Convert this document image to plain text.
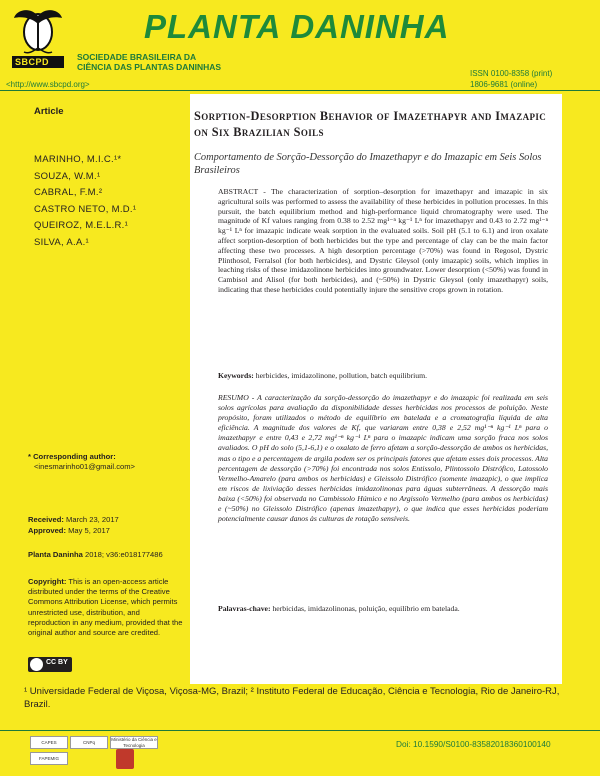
SBCPD
PLANTA DANINHA
SOCIEDADE BRASILEIRA DA
CIÊNCIA DAS PLANTAS DANINHAS
<http://www.sbcpd.org>
ISSN 0100-8358 (print)
1806-9681 (online)
Article
MARINHO, M.I.C.¹*
SOUZA, W.M.¹
CABRAL, F.M.²
CASTRO NETO, M.D.¹
QUEIROZ, M.E.L.R.¹
SILVA, A.A.¹
* Corresponding author:
<inesmarinho01@gmail.com>
Received: March 23, 2017
Approved: May 5, 2017
Planta Daninha 2018; v36:e018177486
Copyright: This is an open-access article distributed under the terms of the Creative Commons Attribution License, which permits unrestricted use, distribution, and reproduction in any medium, provided that the original author and source are credited.
CC BY
Sorption-Desorption Behavior of Imazethapyr and Imazapic on Six Brazilian Soils
Comportamento de Sorção-Dessorção do Imazethapyr e do Imazapic em Seis Solos Brasileiros
ABSTRACT - The characterization of sorption–desorption for imazethapyr and imazapic in six agricultural soils was performed to assess the availability of these herbicides in pollution processes. In this pursuit, the batch equilibrium method and high-performance liquid chromatography were used. The magnitude of Kf values ranging from 0.38 to 2.52 mg¹⁻ⁿ kg⁻¹ Lⁿ for imazethapyr and 0.43 to 2.72 mg¹⁻ⁿ kg⁻¹ Lⁿ for imazapic indicate weak sorption in the evaluated soils. Soil pH (5.1 to 6.1) and iron oxalate affect sorption-desorption of both herbicides but the type and percentage of clay can be the main factor affecting these two processes. A high desorption percentage (>70%) was found in Regosol, Dystric Plinthosol, Ferralsol (for both herbicides), and Dystric Gleysol (only imazapic) soils, which implies in leaching risks of these imidazolinone herbicides into groundwater. Lower desorption (<50%) was found in Cambisol and Alisol (for both herbicides), and (~50%) in Dystric Gleysol (only imazethapyr) soils, indicating that these herbicides could potentially injure the sensitive crops grown in rotation.
Keywords: herbicides, imidazolinone, pollution, batch equilibrium.
RESUMO - A caracterização da sorção-dessorção do imazethapyr e do imazapic foi realizada em seis solos agrícolas para avaliação da disponibilidade desses herbicidas nos processos de poluição. Neste propósito, foram utilizados o método de equilíbrio em batelada e a cromatografia líquida de alta eficiência. A magnitude dos valores de Kf, que variaram entre 0,38 e 2,52 mg¹⁻ⁿ kg⁻¹ Lⁿ para o imazethapyr e entre 0,43 e 2,72 mg¹⁻ⁿ kg⁻¹ Lⁿ para o imazapic indicam uma sorção fraca nos solos avaliados. O pH do solo (5,1-6,1) e o oxalato de ferro afetam a sorção-dessorção de ambos os herbicidas, mas o tipo e a percentagem de argila podem ser os principais fatores que afetam esses dois processos. Alta percentagem de dessorção (>70%) foi encontrada nos solos Entissolo, Plintossolo Distrófico, Latossolo Vermelho-Amarelo (para ambos os herbicidas) e Gleissolo Distrófico (somente imazapic), o que implica em riscos de lixiviação desses herbicidas imidazolinonas para águas subterrâneas. A dessorção mais baixa (<50%) foi observada no Cambissolo Húmico e no Argissolo Vermelho (para ambos os herbicidas) e (~50%) no Gleissolo Distrófico (apenas imazethapyr), o que indica que esses herbicidas poderiam potencialmente causar danos às culturas de rotação sensíveis.
Palavras-chave: herbicidas, imidazolinonas, poluição, equilíbrio em batelada.
¹ Universidade Federal de Viçosa, Viçosa-MG, Brazil; ² Instituto Federal de Educação, Ciência e Tecnologia, Rio de Janeiro-RJ, Brazil.
Doi: 10.1590/S0100-83582018360100140
CAPES	CNPq
Ministério da Ciência e Tecnologia
FAPEMIG
